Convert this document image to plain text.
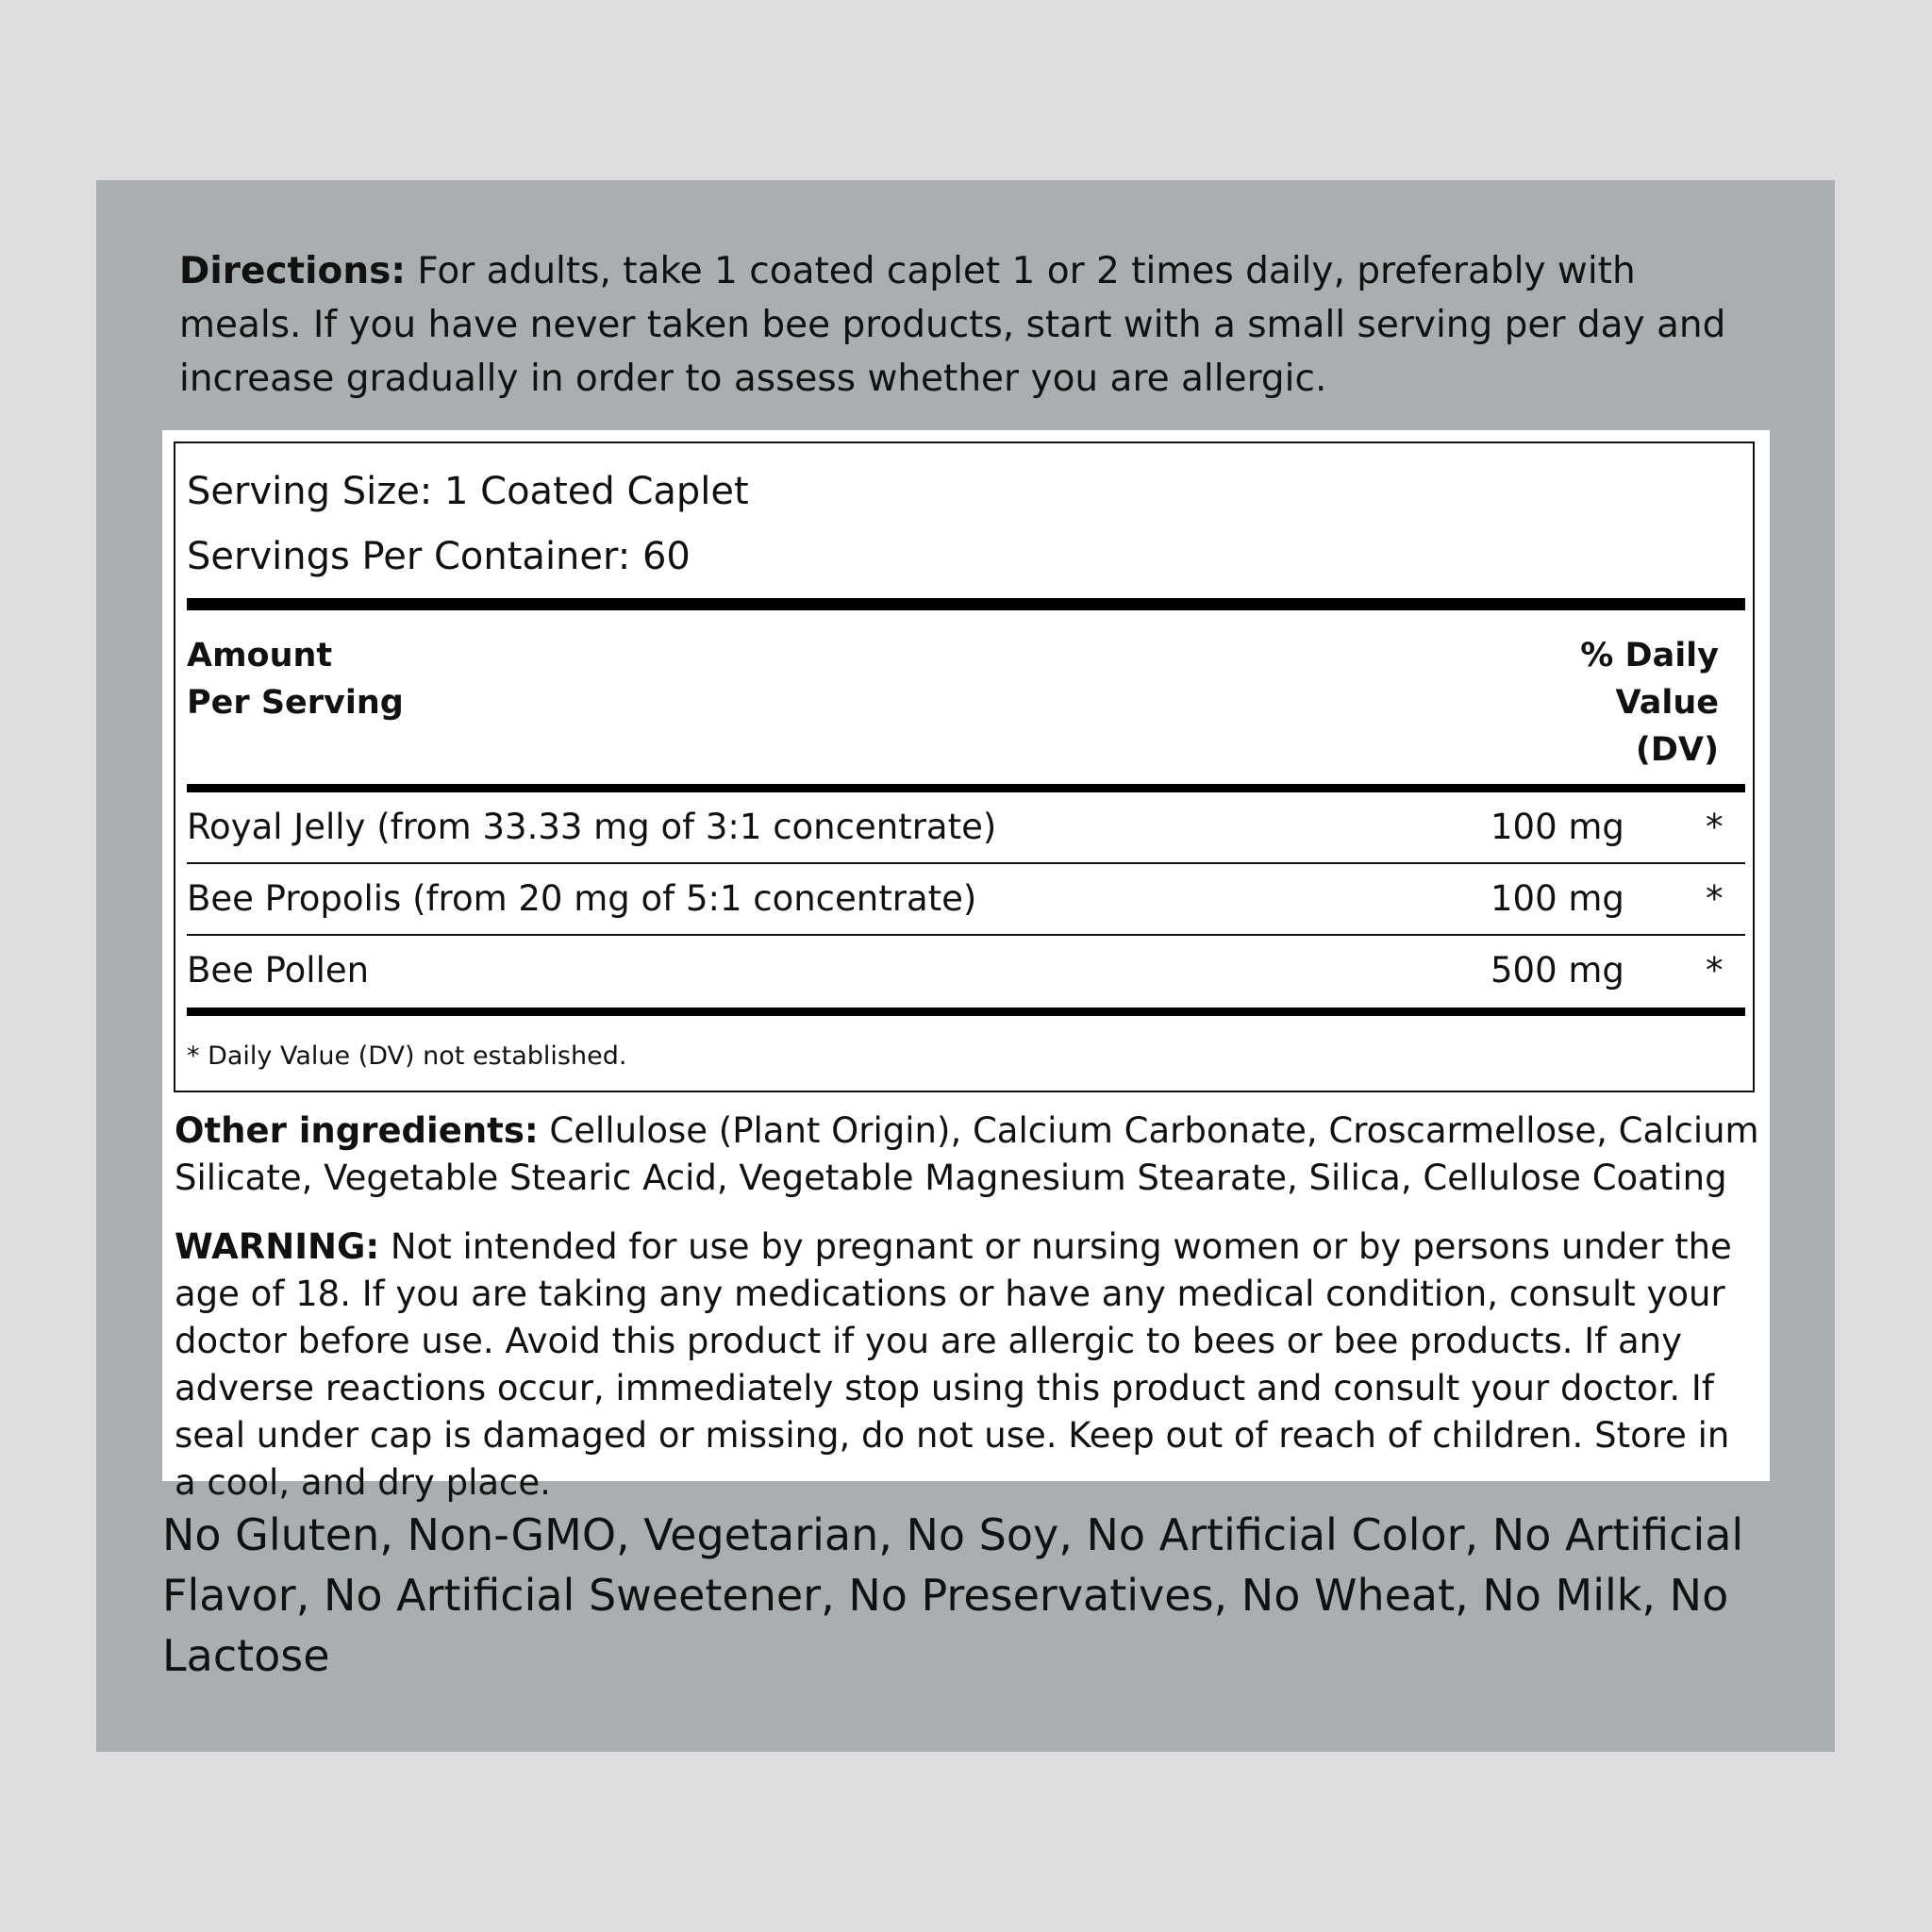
Directions: For adults, take 1 coated caplet 1 or 2 times daily, preferably with meals. If you have never taken bee products, start with a small serving per day and increase gradually in order to assess whether you are allergic.

Serving Size: 1 Coated Caplet
Servings Per Container: 60
Amount
Per Serving
% Daily
Value
(DV)
Royal Jelly (from 33.33 mg of 3:1 concentrate)	100 mg *
Bee Propolis (from 20 mg of 5:1 concentrate)	100 mg *
Bee Pollen	500 mg *
* Daily Value (DV) not established.

Other ingredients: Cellulose (Plant Origin), Calcium Carbonate, Croscarmellose, Calcium Silicate, Vegetable Stearic Acid, Vegetable Magnesium Stearate, Silica, Cellulose Coating

WARNING: Not intended for use by pregnant or nursing women or by persons under the age of 18. If you are taking any medications or have any medical condition, consult your doctor before use. Avoid this product if you are allergic to bees or bee products. If any adverse reactions occur, immediately stop using this product and consult your doctor. If seal under cap is damaged or missing, do not use. Keep out of reach of children. Store in a cool, and dry place.

No Gluten, Non-GMO, Vegetarian, No Soy, No Artificial Color, No Artificial Flavor, No Artificial Sweetener, No Preservatives, No Wheat, No Milk, No Lactose
